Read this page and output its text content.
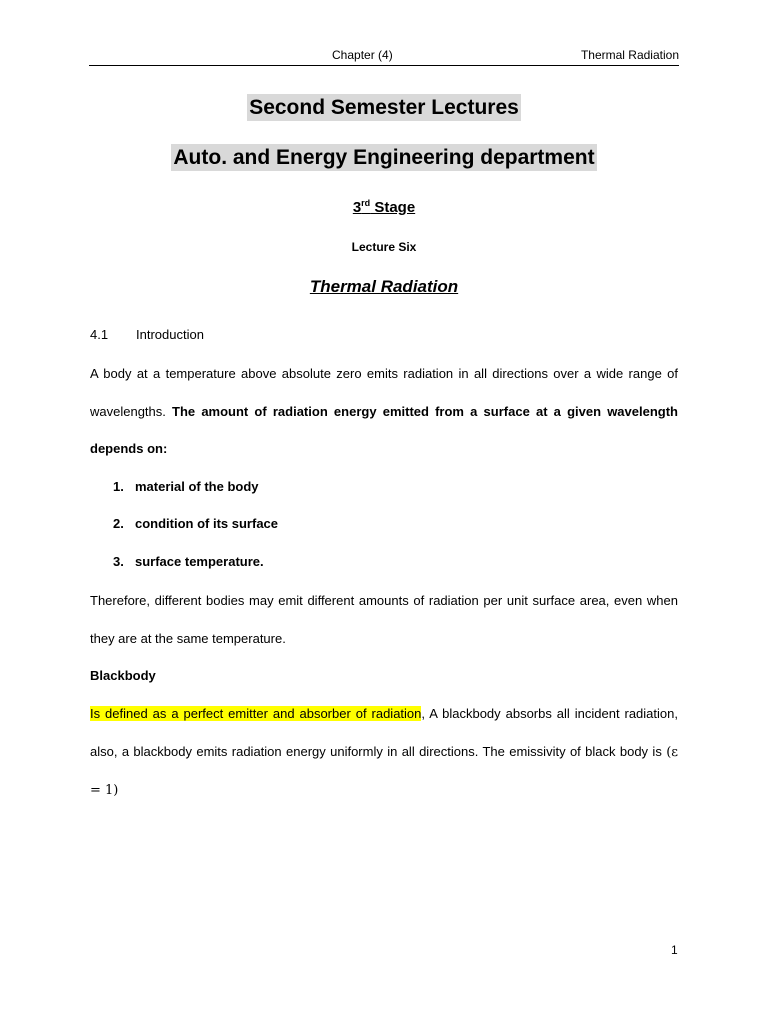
Chapter (4)	Thermal Radiation
Second Semester Lectures
Auto. and Energy Engineering department
3rd Stage
Lecture Six
Thermal Radiation
4.1 Introduction
A body at a temperature above absolute zero emits radiation in all directions over a wide range of wavelengths. The amount of radiation energy emitted from a surface at a given wavelength depends on:
1. material of the body
2. condition of its surface
3. surface temperature.
Therefore, different bodies may emit different amounts of radiation per unit surface area, even when they are at the same temperature.
Blackbody
Is defined as a perfect emitter and absorber of radiation, A blackbody absorbs all incident radiation, also, a blackbody emits radiation energy uniformly in all directions. The emissivity of black body is (ε = 1)
1
